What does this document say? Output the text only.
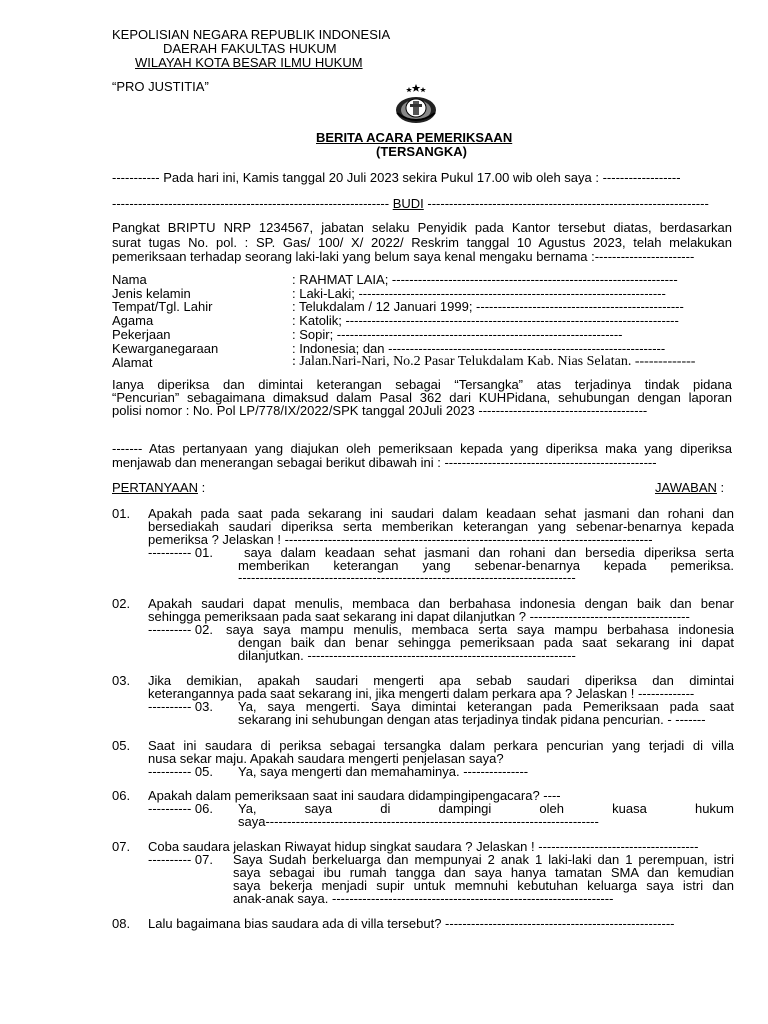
KEPOLISIAN NEGARA REPUBLIK INDONESIA
DAERAH FAKULTAS HUKUM
WILAYAH KOTA BESAR ILMU HUKUM
“PRO JUSTITIA”
BERITA ACARA PEMERIKSAAN
(TERSANGKA)
----------- Pada hari ini, Kamis tanggal 20 Juli 2023 sekira Pukul 17.00 wib oleh saya : ------------------
---------------------------------------------------------------- BUDI -----------------------------------------------------------------
Pangkat BRIPTU NRP 1234567, jabatan selaku Penyidik pada Kantor tersebut diatas, berdasarkan
surat tugas No. pol. : SP. Gas/ 100/ X/ 2022/ Reskrim tanggal 10 Agustus 2023, telah melakukan
pemeriksaan terhadap seorang laki-laki yang belum saya kenal mengaku bernama :-----------------------
Nama	: RAHMAT LAIA; ------------------------------------------------------------------
Jenis kelamin	: Laki-Laki; -----------------------------------------------------------------------
Tempat/Tgl. Lahir	: Telukdalam / 12 Januari 1999; ------------------------------------------------
Agama	: Katolik; -----------------------------------------------------------------------------
Pekerjaan	: Sopir; ------------------------------------------------------------------
Kewarganegaraan	: Indonesia; dan ----------------------------------------------------------------
Alamat	: Jalan.Nari-Nari, No.2 Pasar Telukdalam Kab. Nias Selatan. -------------
Ianya diperiksa dan dimintai keterangan sebagai “Tersangka” atas terjadinya tindak pidana
“Pencurian” sebagaimana dimaksud dalam Pasal 362 dari KUHPidana, sehubungan dengan laporan
polisi nomor : No. Pol LP/778/IX/2022/SPK tanggal 20Juli 2023 ---------------------------------------
------- Atas pertanyaan yang diajukan oleh pemeriksaan kepada yang diperiksa maka yang diperiksa
menjawab dan menerangan sebagai berikut dibawah ini : -------------------------------------------------
PERTANYAAN :	JAWABAN :
01. Apakah pada saat pada sekarang ini saudari dalam keadaan sehat jasmani dan rohani dan
bersediakah saudari diperiksa serta memberikan keterangan yang sebenar-benarnya kepada
pemeriksa ? Jelaskan ! -------------------------------------------------------------------------------------
---------- 01. saya dalam keadaan sehat jasmani dan rohani dan bersedia diperiksa serta
memberikan keterangan yang sebenar-benarnya kepada pemeriksa.
------------------------------------------------------------------------------
02. Apakah saudari dapat menulis, membaca dan berbahasa indonesia dengan baik dan benar
sehingga pemeriksaan pada saat sekarang ini dapat dilanjutkan ? -------------------------------------
---------- 02. saya saya mampu menulis, membaca serta saya mampu berbahasa indonesia
dengan baik dan benar sehingga pemeriksaan pada saat sekarang ini dapat
dilanjutkan. --------------------------------------------------------------
03. Jika demikian, apakah saudari mengerti apa sebab saudari diperiksa dan dimintai
keterangannya pada saat sekarang ini, jika mengerti dalam perkara apa ? Jelaskan ! -------------
---------- 03. Ya, saya mengerti. Saya dimintai keterangan pada Pemeriksaan pada saat
sekarang ini sehubungan dengan atas terjadinya tindak pidana pencurian. - -------
05. Saat ini saudara di periksa sebagai tersangka dalam perkara pencurian yang terjadi di villa
nusa sekar maju. Apakah saudara mengerti penjelasan saya?
---------- 05. Ya, saya mengerti dan memahaminya. ---------------
06. Apakah dalam pemeriksaan saat ini saudara didampingipengacara? ----
---------- 06. Ya, saya di dampingi oleh kuasa hukum
saya-----------------------------------------------------------------------------
07. Coba saudara jelaskan Riwayat hidup singkat saudara ? Jelaskan ! -------------------------------------
---------- 07. Saya Sudah berkeluarga dan mempunyai 2 anak 1 laki-laki dan 1 perempuan, istri
saya sebagai ibu rumah tangga dan saya hanya tamatan SMA dan kemudian
saya bekerja menjadi supir untuk memnuhi kebutuhan keluarga saya istri dan
anak-anak saya. -----------------------------------------------------------------
08. Lalu bagaimana bias saudara ada di villa tersebut? -----------------------------------------------------
